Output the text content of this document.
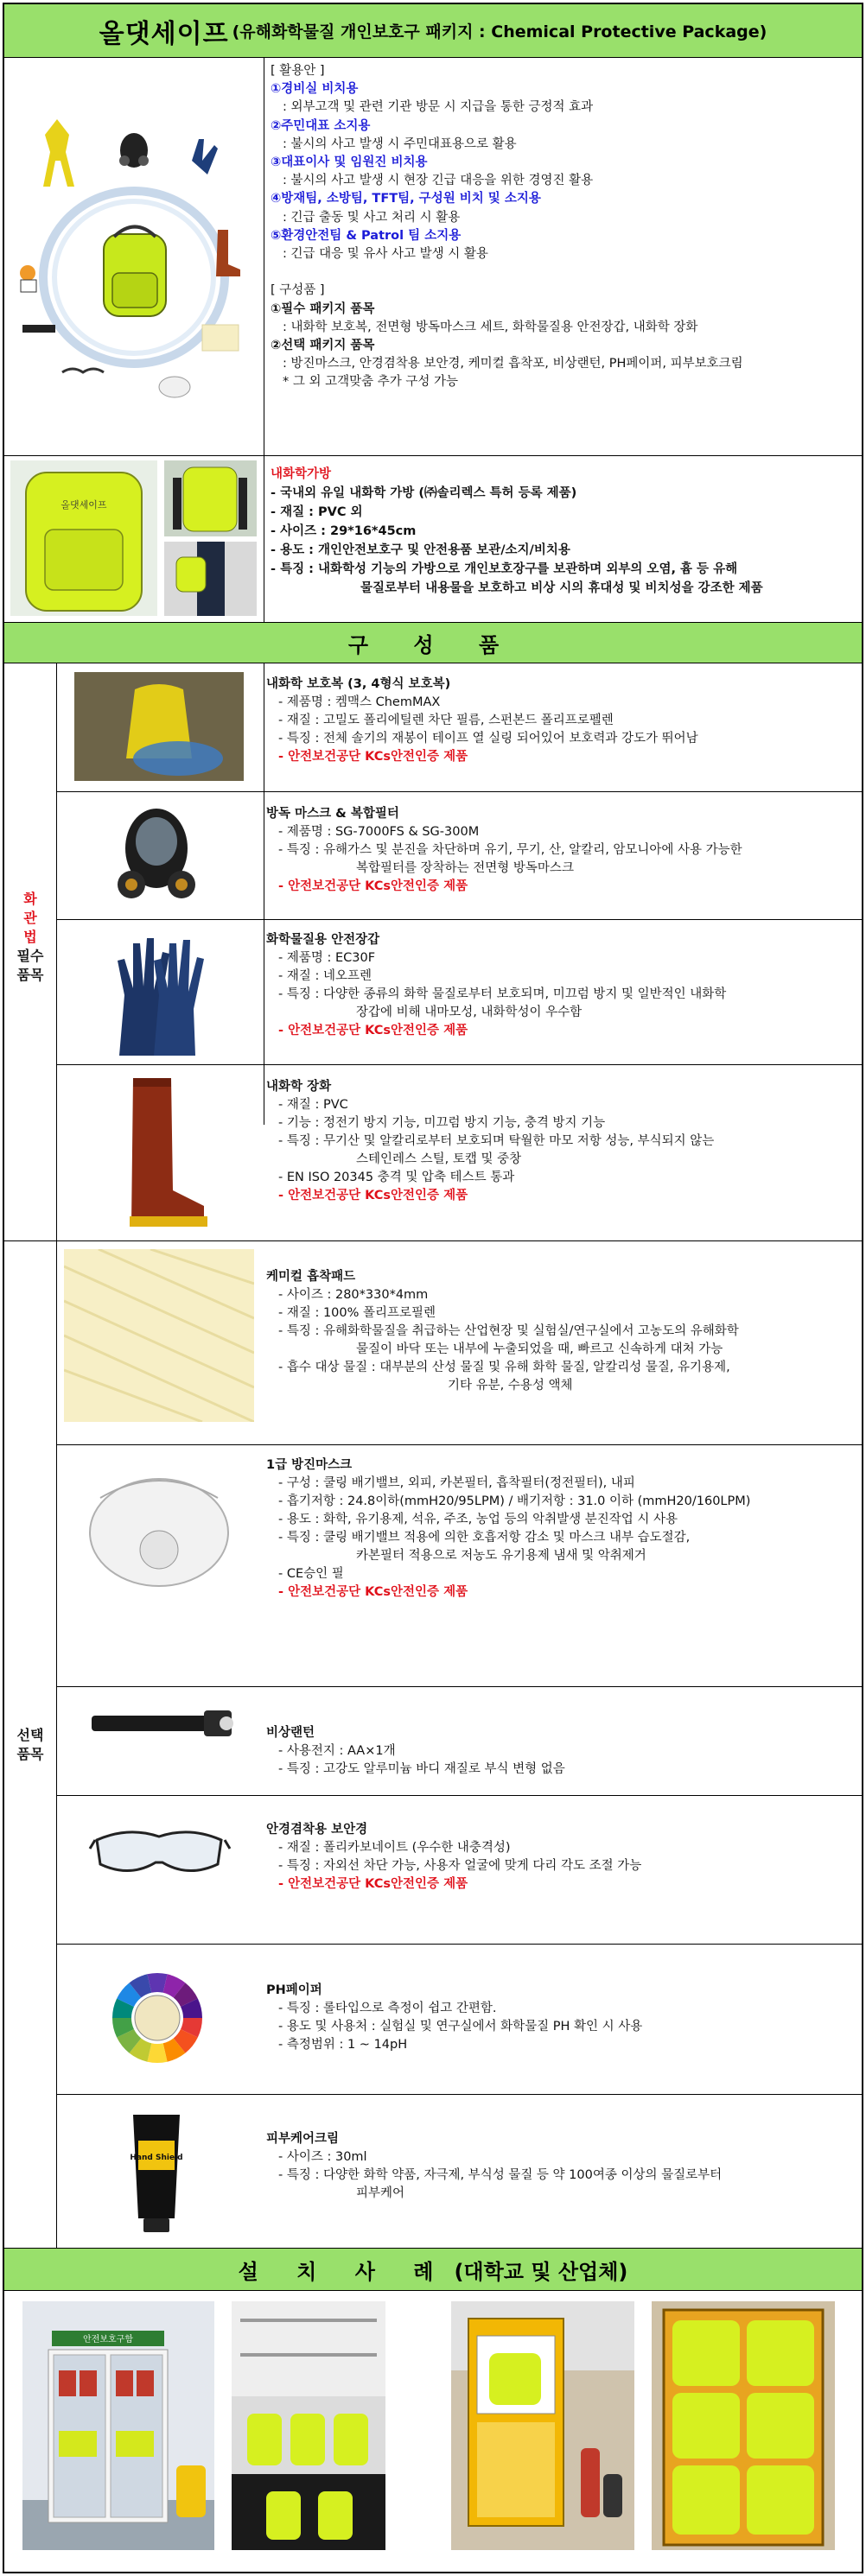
올댓세이프 (유해화학물질 개인보호구 패키지 : Chemical Protective Package)

[ 활용안 ]

①경비실 비치용

: 외부고객 및 관련 기관 방문 시 지급을 통한 긍정적 효과

②주민대표 소지용

: 불시의 사고 발생 시 주민대표용으로 활용

③대표이사 및 임원진 비치용

: 불시의 사고 발생 시 현장 긴급 대응을 위한 경영진 활용

④방재팀, 소방팀, TFT팀, 구성원 비치 및 소지용

: 긴급 출동 및 사고 처리 시 활용

⑤환경안전팀 & Patrol 팀 소지용

: 긴급 대응 및 유사 사고 발생 시 활용

[ 구성품 ]

①필수 패키지 품목

: 내화학 보호복, 전면형 방독마스크 세트, 화학물질용 안전장갑, 내화학 장화

②선택 패키지 품목

: 방진마스크, 안경겸착용 보안경, 케미컬 흡착포, 비상랜턴, PH페이퍼, 피부보호크림

* 그 외 고객맞춤 추가 구성 가능

올댓세이프

내화학가방

- 국내외 유일 내화학 가방 (㈜솔리렉스 특허 등록 제품)

- 재질 : PVC 외

- 사이즈 : 29*16*45cm

- 용도 : 개인안전보호구 및 안전용품 보관/소지/비치용

- 특징 : 내화학성 기능의 가방으로 개인보호장구를 보관하며 외부의 오염, 흄 등 유해

물질로부터 내용물을 보호하고 비상 시의 휴대성 및 비치성을 강조한 제품

구 성 품
화
관
법
필수
품목
선택
품목

내화학 보호복 (3, 4형식 보호복)

- 제품명 : 켐맥스 ChemMAX

- 재질 : 고밀도 폴리에틸렌 차단 필름, 스펀본드 폴리프로펠렌

- 특징 : 전체 솔기의 재봉이 테이프 열 실링 되어있어 보호력과 강도가 뛰어남

- 안전보건공단 KCs안전인증 제품

방독 마스크 & 복합필터

- 제품명 : SG-7000FS & SG-300M

- 특징 : 유해가스 및 분진을 차단하며 유기, 무기, 산, 알칼리, 암모니아에 사용 가능한

복합필터를 장착하는 전면형 방독마스크

- 안전보건공단 KCs안전인증 제품

화학물질용 안전장갑

- 제품명 : EC30F

- 재질 : 네오프렌

- 특징 : 다양한 종류의 화학 물질로부터 보호되며, 미끄럼 방지 및 일반적인 내화학

장갑에 비해 내마모성, 내화학성이 우수함

- 안전보건공단 KCs안전인증 제품

내화학 장화

- 재질 : PVC

- 기능 : 정전기 방지 기능, 미끄럼 방지 기능, 충격 방지 기능

- 특징 : 무기산 및 알칼리로부터 보호되며 탁월한 마모 저항 성능, 부식되지 않는

스테인레스 스틸, 토캡 및 중창

- EN ISO 20345 충격 및 압축 테스트 통과

- 안전보건공단 KCs안전인증 제품

케미컬 흡착패드

- 사이즈 : 280*330*4mm

- 재질 : 100% 폴리프로필렌

- 특징 : 유해화학물질을 취급하는 산업현장 및 실험실/연구실에서 고농도의 유해화학

물질이 바닥 또는 내부에 누출되었을 때, 빠르고 신속하게 대처 가능

- 흡수 대상 물질 : 대부분의 산성 물질 및 유해 화학 물질, 알칼리성 물질, 유기용제,

기타 유분, 수용성 액체

1급 방진마스크

- 구성 : 쿨링 배기밸브, 외피, 카본필터, 흡착필터(정전필터), 내피

- 흡기저항 : 24.8이하(mmH20/95LPM) / 배기저항 : 31.0 이하 (mmH20/160LPM)

- 용도 : 화학, 유기용제, 석유, 주조, 농업 등의 악취발생 분진작업 시 사용

- 특징 : 쿨링 배기밸브 적용에 의한 호흡저항 감소 및 마스크 내부 습도절감,

카본필터 적용으로 저농도 유기용제 냄새 및 악취제거

- CE승인 필

- 안전보건공단 KCs안전인증 제품

비상랜턴

- 사용전지 : AA×1개

- 특징 : 고강도 알루미늄 바디 재질로 부식 변형 없음

안경겸착용 보안경

- 재질 : 폴리카보네이트 (우수한 내충격성)

- 특징 : 자외선 차단 가능, 사용자 얼굴에 맞게 다리 각도 조절 가능

- 안전보건공단 KCs안전인증 제품

PH페이퍼

- 특징 : 롤타입으로 측정이 쉽고 간편함.

- 용도 및 사용처 : 실험실 및 연구실에서 화학물질 PH 확인 시 사용

- 측정범위 : 1 ~ 14pH

Hand Shield

피부케어크림

- 사이즈 : 30ml

- 특징 : 다양한 화학 약품, 자극제, 부식성 물질 등 약 100여종 이상의 물질로부터

피부케어

설 치 사 례 (대학교 및 산업체)
안전보호구함
